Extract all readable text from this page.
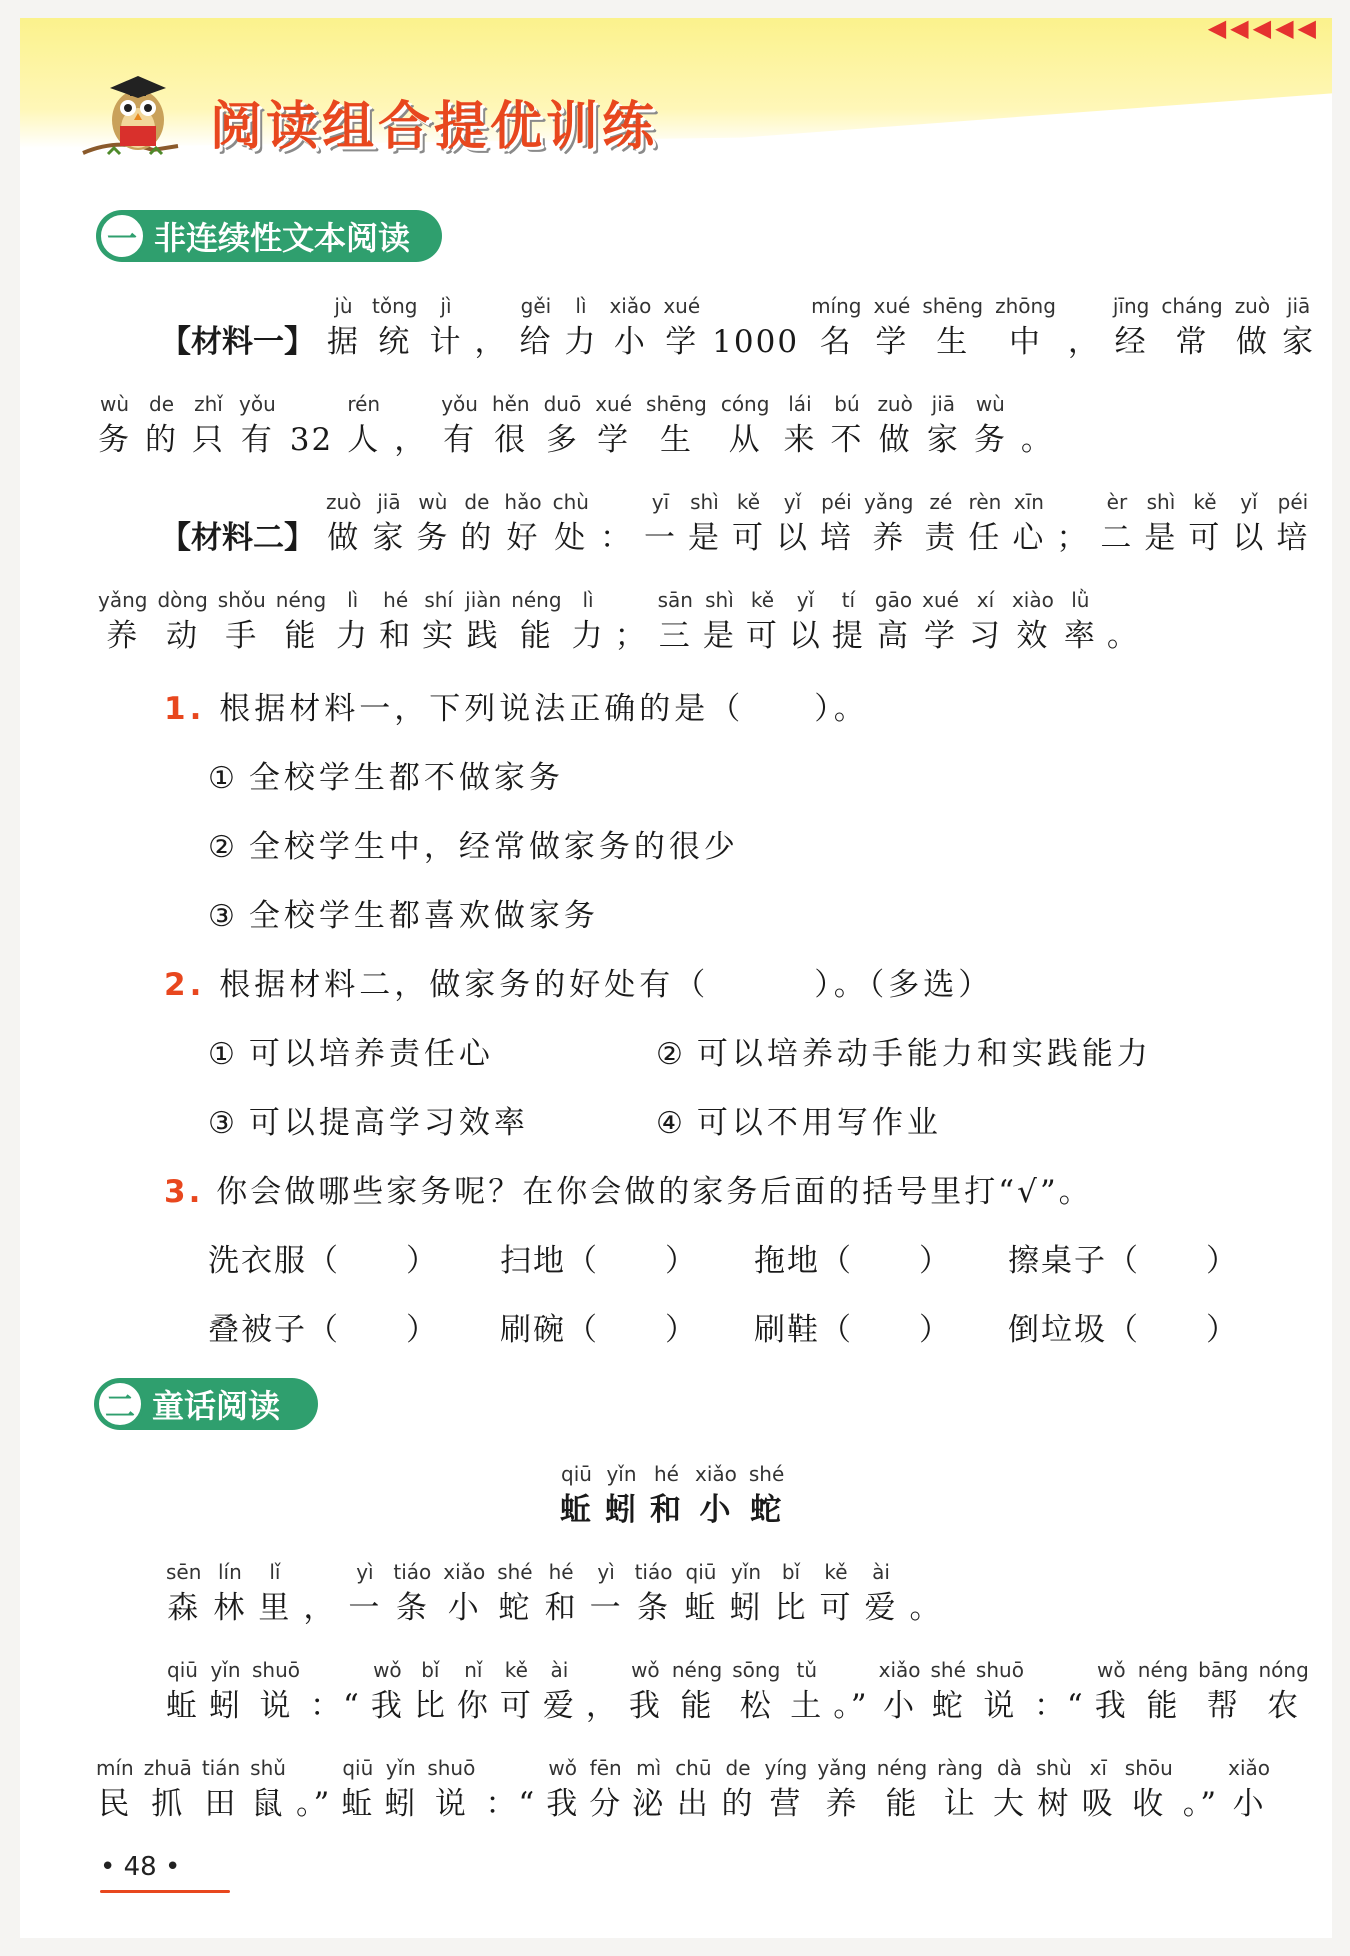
◀◀◀◀◀
阅读组合提优训练
一 非连续性文本阅读
【材料一】
jù
据
tǒng
统
jì
计 ，
gěi
给
lì
力
xiǎo
小
xué
学 1000
míng
名
xué
学
shēng
生
zhōng
中 ，
jīng
经
cháng
常
zuò
做
jiā
家
wù
务
de
的
zhǐ
只
yǒu
有 32
rén
人 ，
yǒu
有
hěn
很
duō
多
xué
学
shēng
生
cóng
从
lái
来
bú
不
zuò
做
jiā
家
wù
务 。
【材料二】
zuò
做
jiā
家
wù
务
de
的
hǎo
好
chù
处 ：
yī
一
shì
是
kě
可
yǐ
以
péi
培
yǎng
养
zé
责
rèn
任
xīn
心 ；
èr
二
shì
是
kě
可
yǐ
以
péi
培
yǎng
养
dòng
动
shǒu
手
néng
能
lì
力
hé
和
shí
实
jiàn
践
néng
能
lì
力 ；
sān
三
shì
是
kě
可
yǐ
以
tí
提
gāo
高
xué
学
xí
习
xiào
效
lǜ
率 。
1. 根据材料一，下列说法正确的是（　　）。
① 全校学生都不做家务
② 全校学生中，经常做家务的很少
③ 全校学生都喜欢做家务
2. 根据材料二，做家务的好处有（　　　）。（多选）
① 可以培养责任心	② 可以培养动手能力和实践能力
③ 可以提高学习效率	④ 可以不用写作业
3. 你会做哪些家务呢？在你会做的家务后面的括号里打“√”。
洗衣服（　　） 扫地（　　） 拖地（　　） 擦桌子（　　）
叠被子（　　） 刷碗（　　） 刷鞋（　　） 倒垃圾（　　）
二 童话阅读
qiū
蚯
yǐn
蚓
hé
和
xiǎo
小
shé
蛇
sēn
森
lín
林
lǐ
里 ，
yì
一
tiáo
条
xiǎo
小
shé
蛇
hé
和
yì
一
tiáo
条
qiū
蚯
yǐn
蚓
bǐ
比
kě
可
ài
爱 。
qiū
蚯
yǐn
蚓
shuō
说 ：“
wǒ
我
bǐ
比
nǐ
你
kě
可
ài
爱 ，
wǒ
我
néng
能
sōng
松
tǔ
土 。”
xiǎo
小
shé
蛇
shuō
说 ：“
wǒ
我
néng
能
bāng
帮
nóng
农
mín
民
zhuā
抓
tián
田
shǔ
鼠 。”
qiū
蚯
yǐn
蚓
shuō
说 ：“
wǒ
我
fēn
分
mì
泌
chū
出
de
的
yíng
营
yǎng
养
néng
能
ràng
让
dà
大
shù
树
xī
吸
shōu
收 。”
xiǎo
小
• 48 •
